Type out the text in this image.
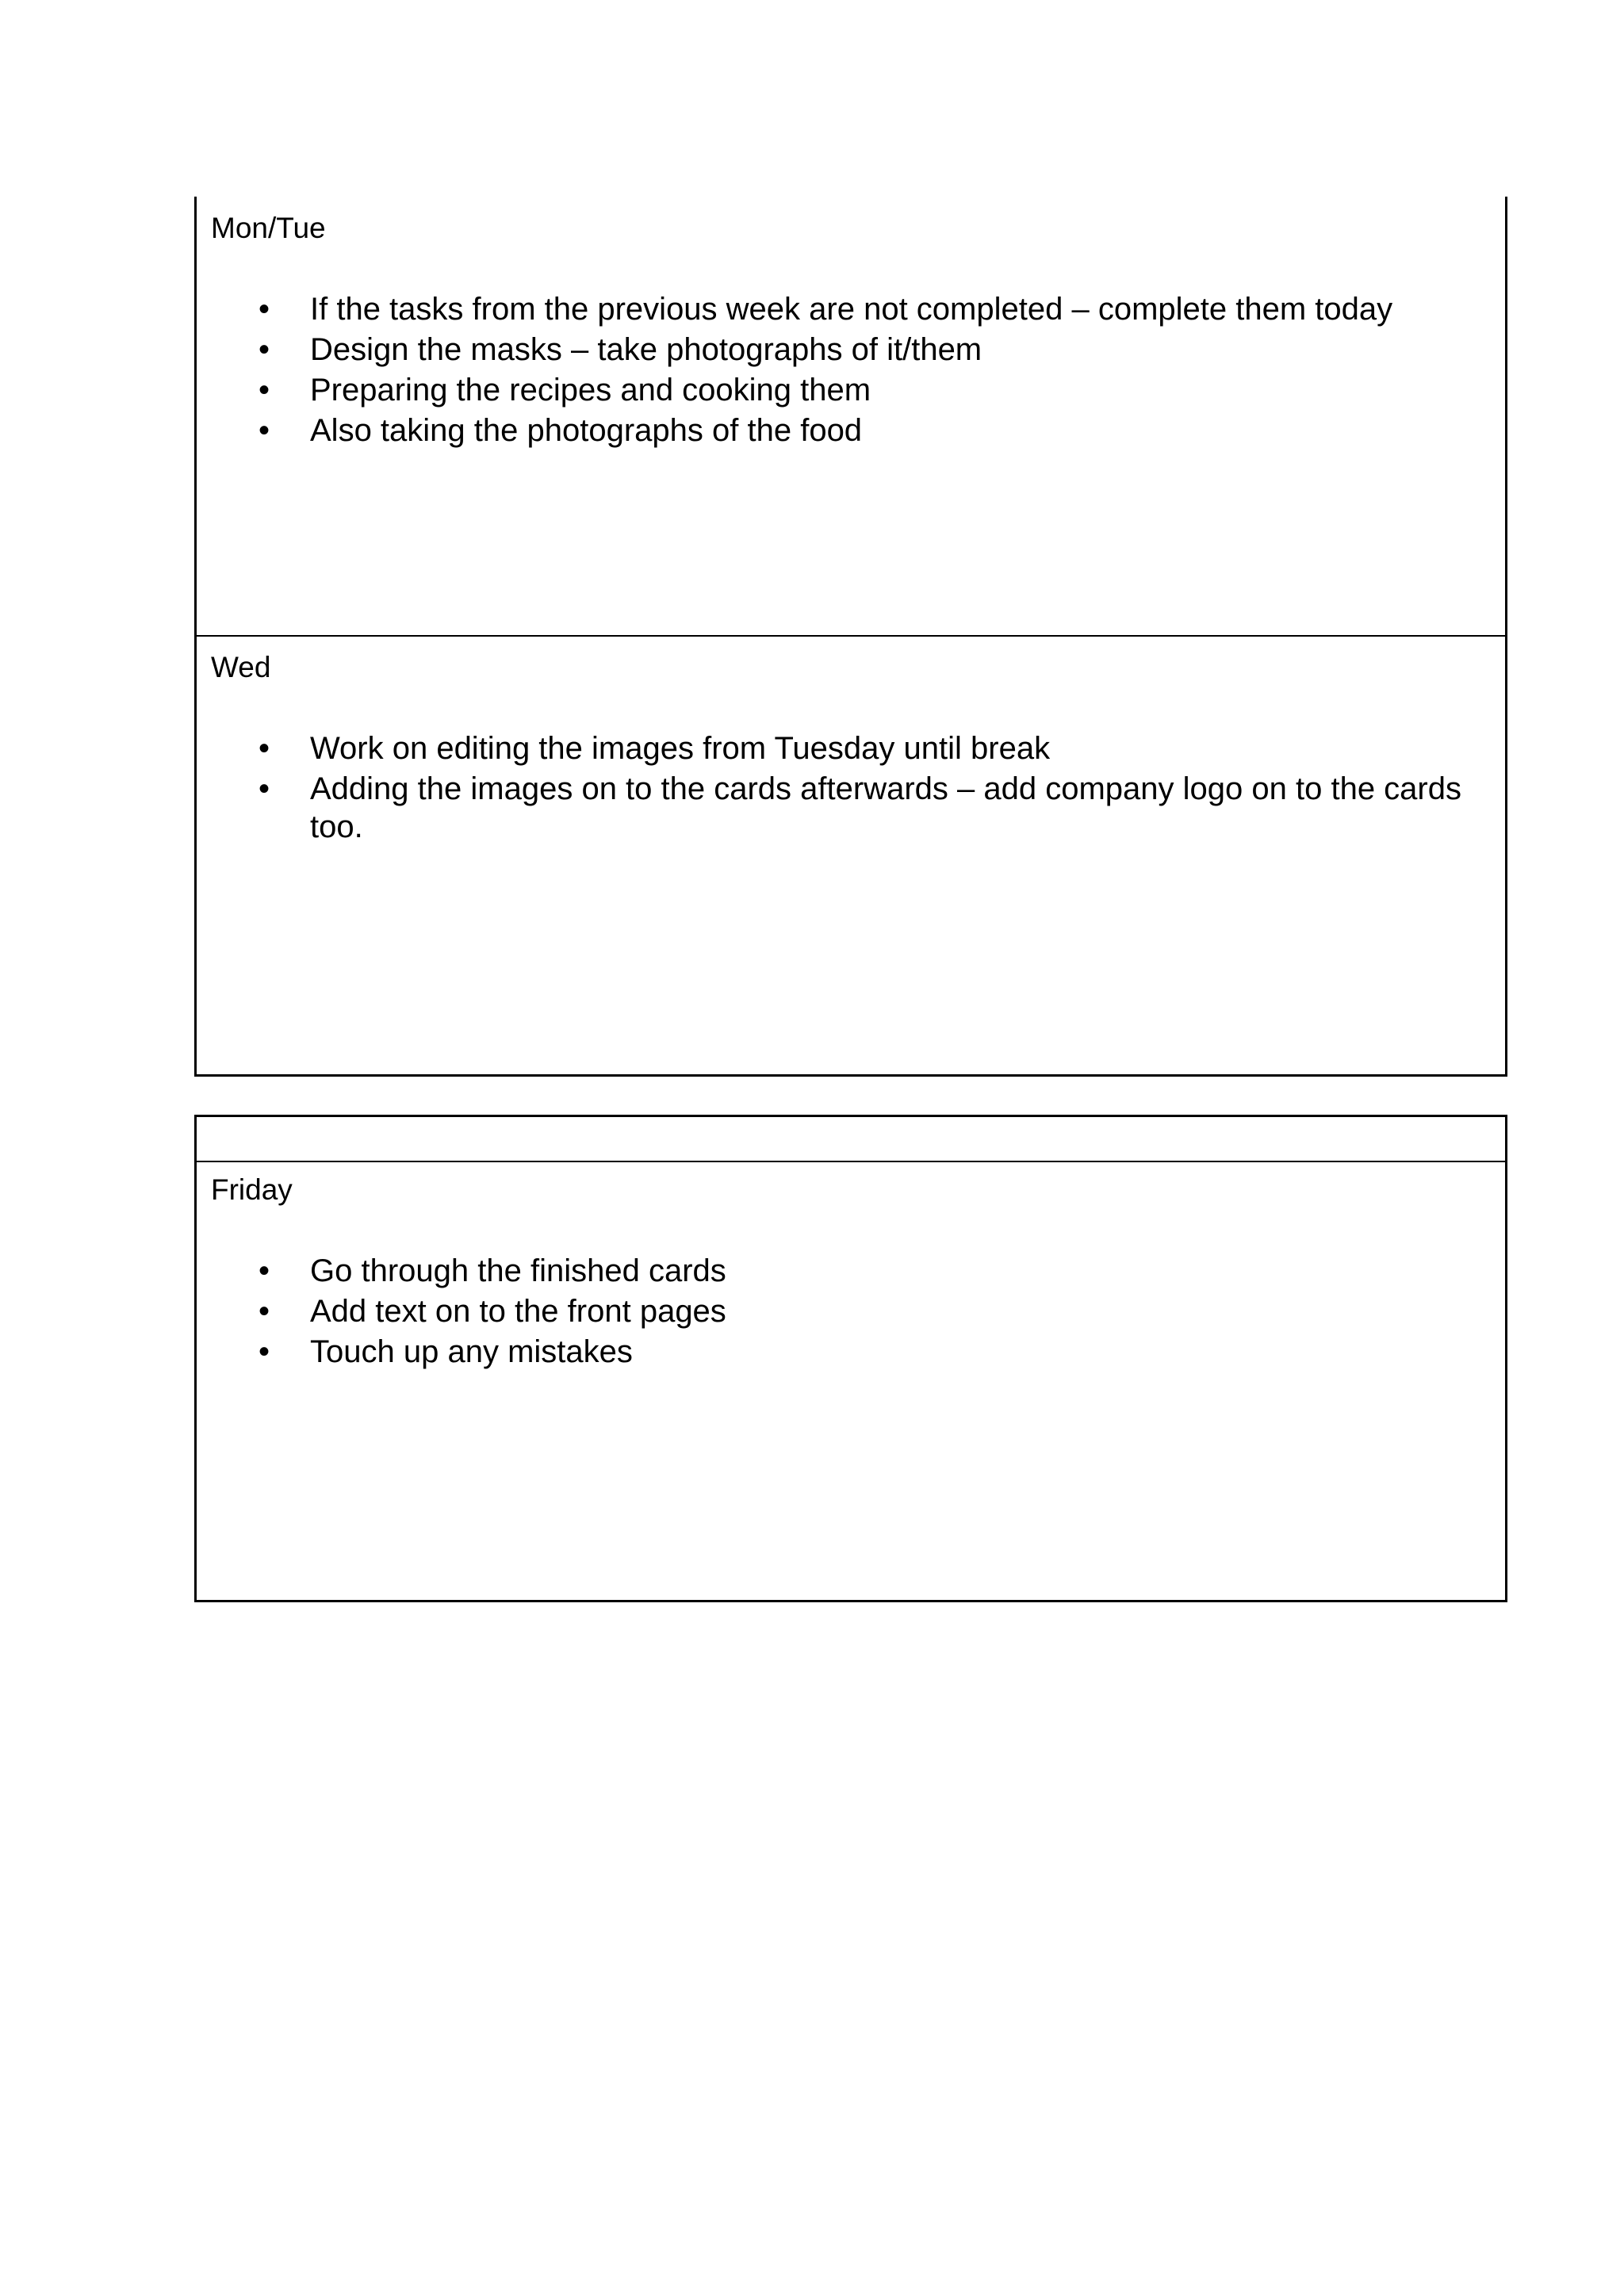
Mon/Tue
• If the tasks from the previous week are not completed – complete them today
• Design the masks – take photographs of it/them
• Preparing the recipes and cooking them
• Also taking the photographs of the food
Wed
• Work on editing the images from Tuesday until break
• Adding the images on to the cards afterwards – add company logo on to the cards too.
Friday
• Go through the finished cards
• Add text on to the front pages
• Touch up any mistakes
